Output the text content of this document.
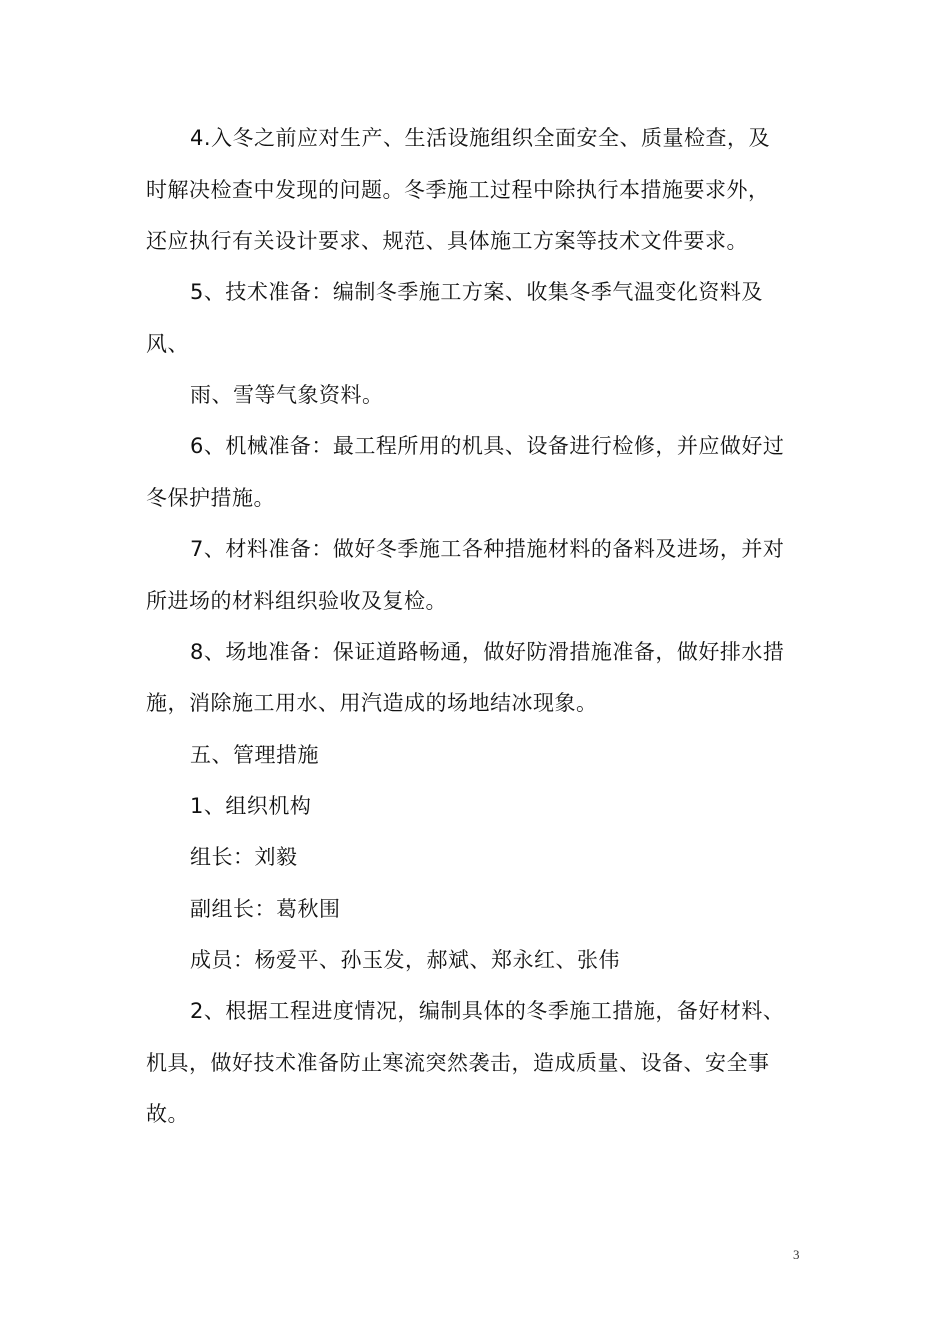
4.入冬之前应对生产、生活设施组织全面安全、质量检查，及
时解决检查中发现的问题。冬季施工过程中除执行本措施要求外，
还应执行有关设计要求、规范、具体施工方案等技术文件要求。
5、技术准备：编制冬季施工方案、收集冬季气温变化资料及
风、
雨、雪等气象资料。
6、机械准备：最工程所用的机具、设备进行检修，并应做好过
冬保护措施。
7、材料准备：做好冬季施工各种措施材料的备料及进场，并对
所进场的材料组织验收及复检。
8、场地准备：保证道路畅通，做好防滑措施准备，做好排水措
施，消除施工用水、用汽造成的场地结冰现象。
五、管理措施
1、组织机构
组长：刘毅
副组长：葛秋围
成员：杨爱平、孙玉发，郝斌、郑永红、张伟
2、根据工程进度情况，编制具体的冬季施工措施，备好材料、
机具，做好技术准备防止寒流突然袭击，造成质量、设备、安全事
故。
3
